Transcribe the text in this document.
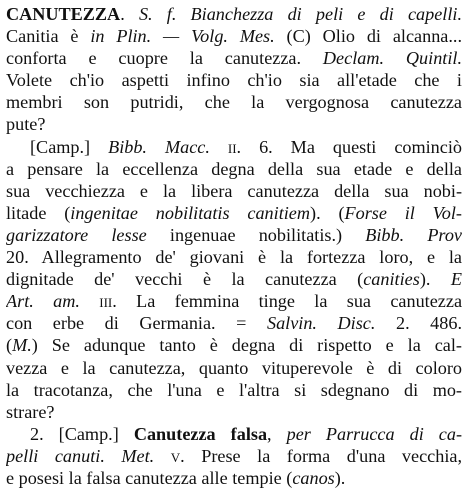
CANUTEZZA. S. f. Bianchezza di peli e di capelli.
Canitia è in Plin. — Volg. Mes. (C) Olio di alcanna...
conforta e cuopre la canutezza. Declam. Quintil.
Volete ch'io aspetti infino ch'io sia all'etade che i
membri son putridi, che la vergognosa canutezza
pute?
[Camp.] Bibb. Macc. ii. 6. Ma questi cominciò
a pensare la eccellenza degna della sua etade e della
sua vecchiezza e la libera canutezza della sua nobi-
litade (ingenitae nobilitatis canitiem). (Forse il Vol-
garizzatore lesse ingenuae nobilitatis.) Bibb. Prov
20. Allegramento de' giovani è la fortezza loro, e la
dignitade de' vecchi è la canutezza (canities). E
Art. am. iii. La femmina tinge la sua canutezza
con erbe di Germania. = Salvin. Disc. 2. 486.
(M.) Se adunque tanto è degna di rispetto e la cal-
vezza e la canutezza, quanto vituperevole è di coloro
la tracotanza, che l'una e l'altra si sdegnano di mo-
strare?
2. [Camp.] Canutezza falsa, per Parrucca di ca-
pelli canuti. Met. v. Prese la forma d'una vecchia,
e posesi la falsa canutezza alle tempie (canos).
